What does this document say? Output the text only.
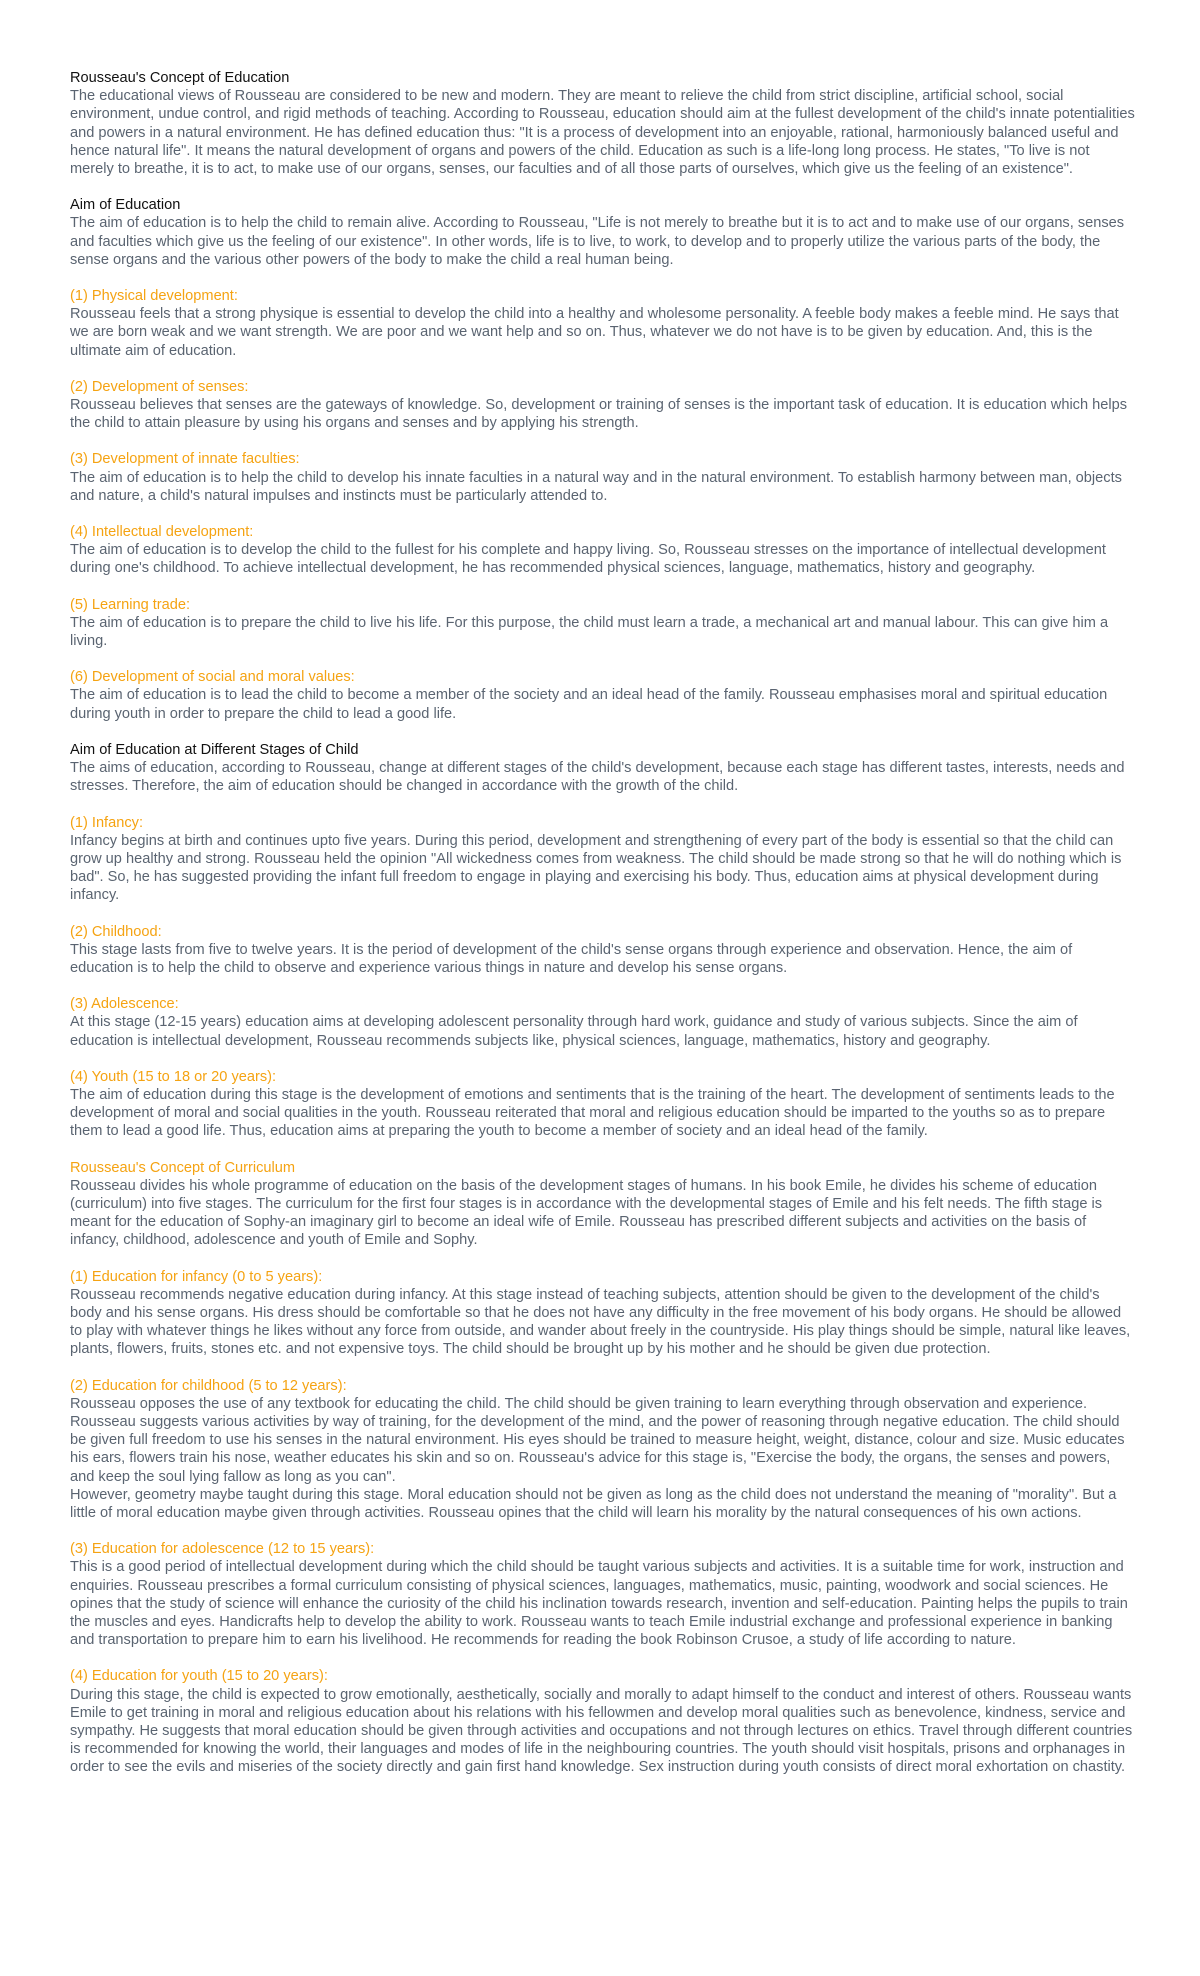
Rousseau's Concept of Education

The educational views of Rousseau are considered to be new and modern. They are meant to relieve the child from strict discipline, artificial school, social environment, undue control, and rigid methods of teaching. According to Rousseau, education should aim at the fullest development of the child's innate potentialities and powers in a natural environment. He has defined education thus: "It is a process of development into an enjoyable, rational, harmoniously balanced useful and hence natural life". It means the natural development of organs and powers of the child. Education as such is a life-long long process. He states, "To live is not merely to breathe, it is to act, to make use of our organs, senses, our faculties and of all those parts of ourselves, which give us the feeling of an existence".

Aim of Education

The aim of education is to help the child to remain alive. According to Rousseau, "Life is not merely to breathe but it is to act and to make use of our organs, senses and faculties which give us the feeling of our existence". In other words, life is to live, to work, to develop and to properly utilize the various parts of the body, the sense organs and the various other powers of the body to make the child a real human being.

(1) Physical development:

Rousseau feels that a strong physique is essential to develop the child into a healthy and wholesome personality. A feeble body makes a feeble mind. He says that we are born weak and we want strength. We are poor and we want help and so on. Thus, whatever we do not have is to be given by education. And, this is the ultimate aim of education.

(2) Development of senses:

Rousseau believes that senses are the gateways of knowledge. So, development or training of senses is the important task of education. It is education which helps the child to attain pleasure by using his organs and senses and by applying his strength.

(3) Development of innate faculties:

The aim of education is to help the child to develop his innate faculties in a natural way and in the natural environment. To establish harmony between man, objects and nature, a child's natural impulses and instincts must be particularly attended to.

(4) Intellectual development:

The aim of education is to develop the child to the fullest for his complete and happy living. So, Rousseau stresses on the importance of intellectual development during one's childhood. To achieve intellectual development, he has recommended physical sciences, language, mathematics, history and geography.

(5) Learning trade:

The aim of education is to prepare the child to live his life. For this purpose, the child must learn a trade, a mechanical art and manual labour. This can give him a living.

(6) Development of social and moral values:

The aim of education is to lead the child to become a member of the society and an ideal head of the family. Rousseau emphasises moral and spiritual education during youth in order to prepare the child to lead a good life.

Aim of Education at Different Stages of Child

The aims of education, according to Rousseau, change at different stages of the child's development, because each stage has different tastes, interests, needs and stresses. Therefore, the aim of education should be changed in accordance with the growth of the child.

(1) Infancy:

Infancy begins at birth and continues upto five years. During this period, development and strengthening of every part of the body is essential so that the child can grow up healthy and strong. Rousseau held the opinion "All wickedness comes from weakness. The child should be made strong so that he will do nothing which is bad". So, he has suggested providing the infant full freedom to engage in playing and exercising his body. Thus, education aims at physical development during infancy.

(2) Childhood:

This stage lasts from five to twelve years. It is the period of development of the child's sense organs through experience and observation. Hence, the aim of education is to help the child to observe and experience various things in nature and develop his sense organs.

(3) Adolescence:

At this stage (12-15 years) education aims at developing adolescent personality through hard work, guidance and study of various subjects. Since the aim of education is intellectual development, Rousseau recommends subjects like, physical sciences, language, mathematics, history and geography.

(4) Youth (15 to 18 or 20 years):

The aim of education during this stage is the development of emotions and sentiments that is the training of the heart. The development of sentiments leads to the development of moral and social qualities in the youth. Rousseau reiterated that moral and religious education should be imparted to the youths so as to prepare them to lead a good life. Thus, education aims at preparing the youth to become a member of society and an ideal head of the family.

Rousseau's Concept of Curriculum

Rousseau divides his whole programme of education on the basis of the development stages of humans. In his book Emile, he divides his scheme of education (curriculum) into five stages. The curriculum for the first four stages is in accordance with the developmental stages of Emile and his felt needs. The fifth stage is meant for the education of Sophy-an imaginary girl to become an ideal wife of Emile. Rousseau has prescribed different subjects and activities on the basis of infancy, childhood, adolescence and youth of Emile and Sophy.

(1) Education for infancy (0 to 5 years):

Rousseau recommends negative education during infancy. At this stage instead of teaching subjects, attention should be given to the development of the child's body and his sense organs. His dress should be comfortable so that he does not have any difficulty in the free movement of his body organs. He should be allowed to play with whatever things he likes without any force from outside, and wander about freely in the countryside. His play things should be simple, natural like leaves, plants, flowers, fruits, stones etc. and not expensive toys. The child should be brought up by his mother and he should be given due protection.

(2) Education for childhood (5 to 12 years):

Rousseau opposes the use of any textbook for educating the child. The child should be given training to learn everything through observation and experience. Rousseau suggests various activities by way of training, for the development of the mind, and the power of reasoning through negative education. The child should be given full freedom to use his senses in the natural environment. His eyes should be trained to measure height, weight, distance, colour and size. Music educates his ears, flowers train his nose, weather educates his skin and so on. Rousseau's advice for this stage is, "Exercise the body, the organs, the senses and powers, and keep the soul lying fallow as long as you can".

However, geometry maybe taught during this stage. Moral education should not be given as long as the child does not understand the meaning of "morality". But a little of moral education maybe given through activities. Rousseau opines that the child will learn his morality by the natural consequences of his own actions.

(3) Education for adolescence (12 to 15 years):

This is a good period of intellectual development during which the child should be taught various subjects and activities. It is a suitable time for work, instruction and enquiries. Rousseau prescribes a formal curriculum consisting of physical sciences, languages, mathematics, music, painting, woodwork and social sciences. He opines that the study of science will enhance the curiosity of the child his inclination towards research, invention and self-education. Painting helps the pupils to train the muscles and eyes. Handicrafts help to develop the ability to work. Rousseau wants to teach Emile industrial exchange and professional experience in banking and transportation to prepare him to earn his livelihood. He recommends for reading the book Robinson Crusoe, a study of life according to nature.

(4) Education for youth (15 to 20 years):

During this stage, the child is expected to grow emotionally, aesthetically, socially and morally to adapt himself to the conduct and interest of others. Rousseau wants Emile to get training in moral and religious education about his relations with his fellowmen and develop moral qualities such as benevolence, kindness, service and sympathy. He suggests that moral education should be given through activities and occupations and not through lectures on ethics. Travel through different countries is recommended for knowing the world, their languages and modes of life in the neighbouring countries. The youth should visit hospitals, prisons and orphanages in order to see the evils and miseries of the society directly and gain first hand knowledge. Sex instruction during youth consists of direct moral exhortation on chastity.
